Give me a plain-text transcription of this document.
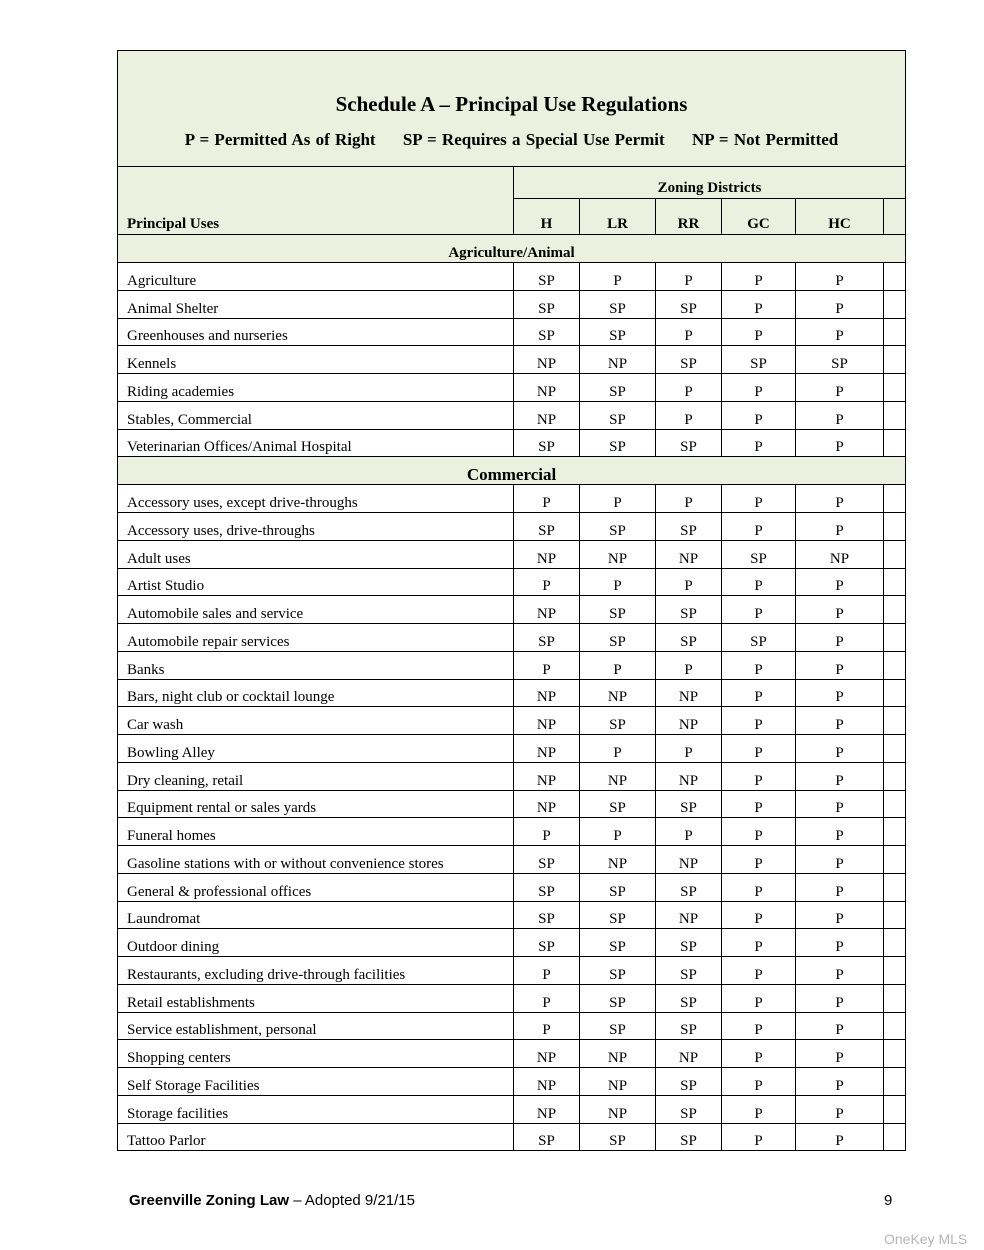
Schedule A – Principal Use Regulations
P = Permitted As of Right SP = Requires a Special Use Permit NP = Not Permitted						

Principal Uses	Zoning Districts					
	H	LR	RR	GC	HC	
Agriculture/Animal						
Agriculture	SP	P	P	P	P	
Animal Shelter	SP	SP	SP	P	P	
Greenhouses and nurseries	SP	SP	P	P	P	
Kennels	NP	NP	SP	SP	SP	
Riding academies	NP	SP	P	P	P	
Stables, Commercial	NP	SP	P	P	P	
Veterinarian Offices/Animal Hospital	SP	SP	SP	P	P	
Commercial						
Accessory uses, except drive-throughs	P	P	P	P	P	
Accessory uses, drive-throughs	SP	SP	SP	P	P	
Adult uses	NP	NP	NP	SP	NP	
Artist Studio	P	P	P	P	P	
Automobile sales and service	NP	SP	SP	P	P	
Automobile repair services	SP	SP	SP	SP	P	
Banks	P	P	P	P	P	
Bars, night club or cocktail lounge	NP	NP	NP	P	P	
Car wash	NP	SP	NP	P	P	
Bowling Alley	NP	P	P	P	P	
Dry cleaning, retail	NP	NP	NP	P	P	
Equipment rental or sales yards	NP	SP	SP	P	P	
Funeral homes	P	P	P	P	P	
Gasoline stations with or without convenience stores	SP	NP	NP	P	P	
General & professional offices	SP	SP	SP	P	P	
Laundromat	SP	SP	NP	P	P	
Outdoor dining	SP	SP	SP	P	P	
Restaurants, excluding drive-through facilities	P	SP	SP	P	P	
Retail establishments	P	SP	SP	P	P	
Service establishment, personal	P	SP	SP	P	P	
Shopping centers	NP	NP	NP	P	P	
Self Storage Facilities	NP	NP	SP	P	P	
Storage facilities	NP	NP	SP	P	P	
Tattoo Parlor	SP	SP	SP	P	P	
Greenville Zoning Law – Adopted 9/21/15	9
OneKey MLS
